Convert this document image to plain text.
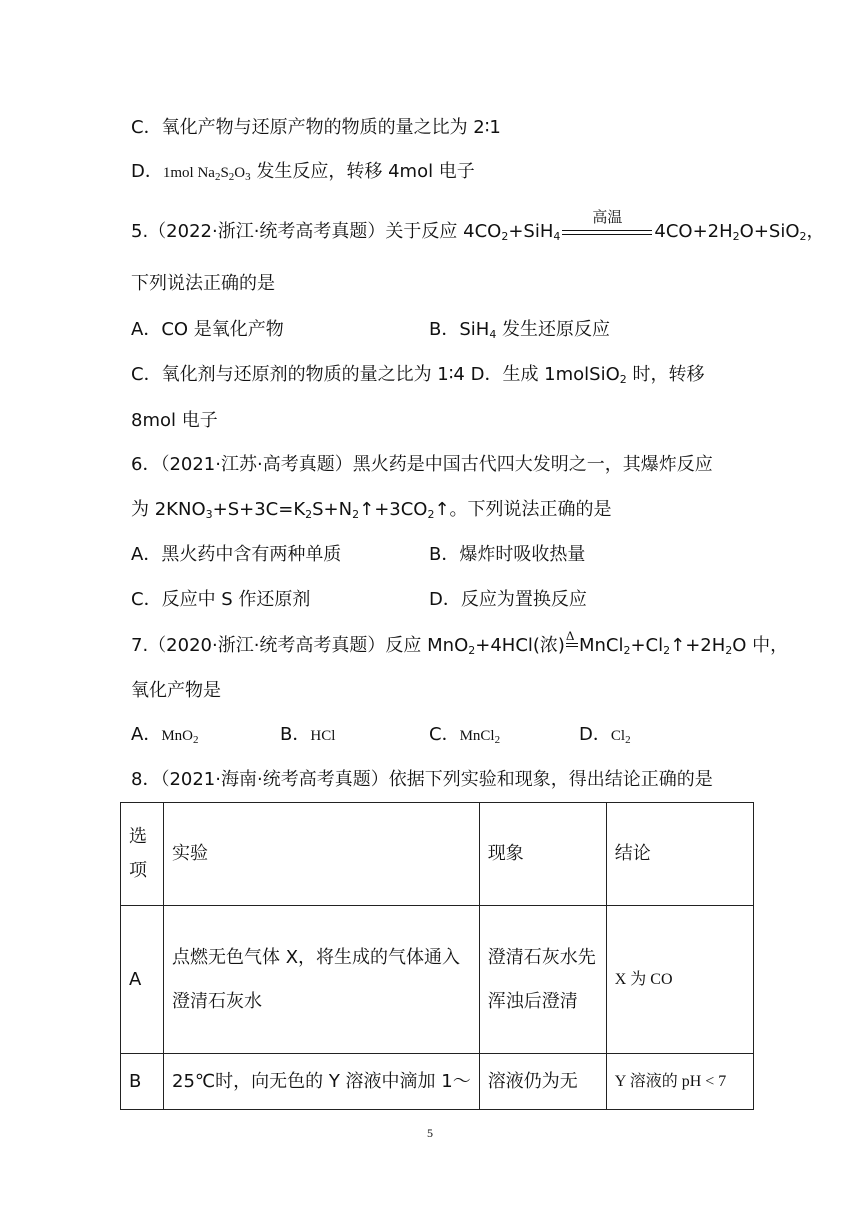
C．氧化产物与还原产物的物质的量之比为 2∶1
D．1mol $Na_2S_2O_3$ 发生反应，转移 4mol 电子
5.（2022·浙江·统考高考真题）关于反应 $4CO_2+SiH_4$
高温
$4CO+2H_2O+SiO_2$，
下列说法正确的是
A．CO 是氧化产物	B．SiH$_4$ 发生还原反应
C．氧化剂与还原剂的物质的量之比为 1∶4 D．生成 1molSiO$_2$ 时，转移
8mol 电子
6．（2021·江苏·高考真题）黑火药是中国古代四大发明之一，其爆炸反应
为 $2KNO_3+S+3C=K_2S+N_2↑+3CO_2↑$。下列说法正确的是
A．黑火药中含有两种单质	B．爆炸时吸收热量
C．反应中 S 作还原剂	D．反应为置换反应
7.（2020·浙江·统考高考真题）反应 MnO$_2$+4HCl(浓) Δ $MnCl_2+Cl_2↑+2H_2O$ 中，
氧化产物是
A．MnO$_2$	B．HCl	C．MnCl$_2$	D．$Cl_2$
8．（2021·海南·统考高考真题）依据下列实验和现象，得出结论正确的是
选项	实验	现象	结论
A	点燃无色气体 X，将生成的气体通入澄清石灰水	澄清石灰水先浑浊后澄清	X 为 CO
B	25℃时，向无色的 Y 溶液中滴加 1～	溶液仍为无	Y 溶液的 pH < 7
5
